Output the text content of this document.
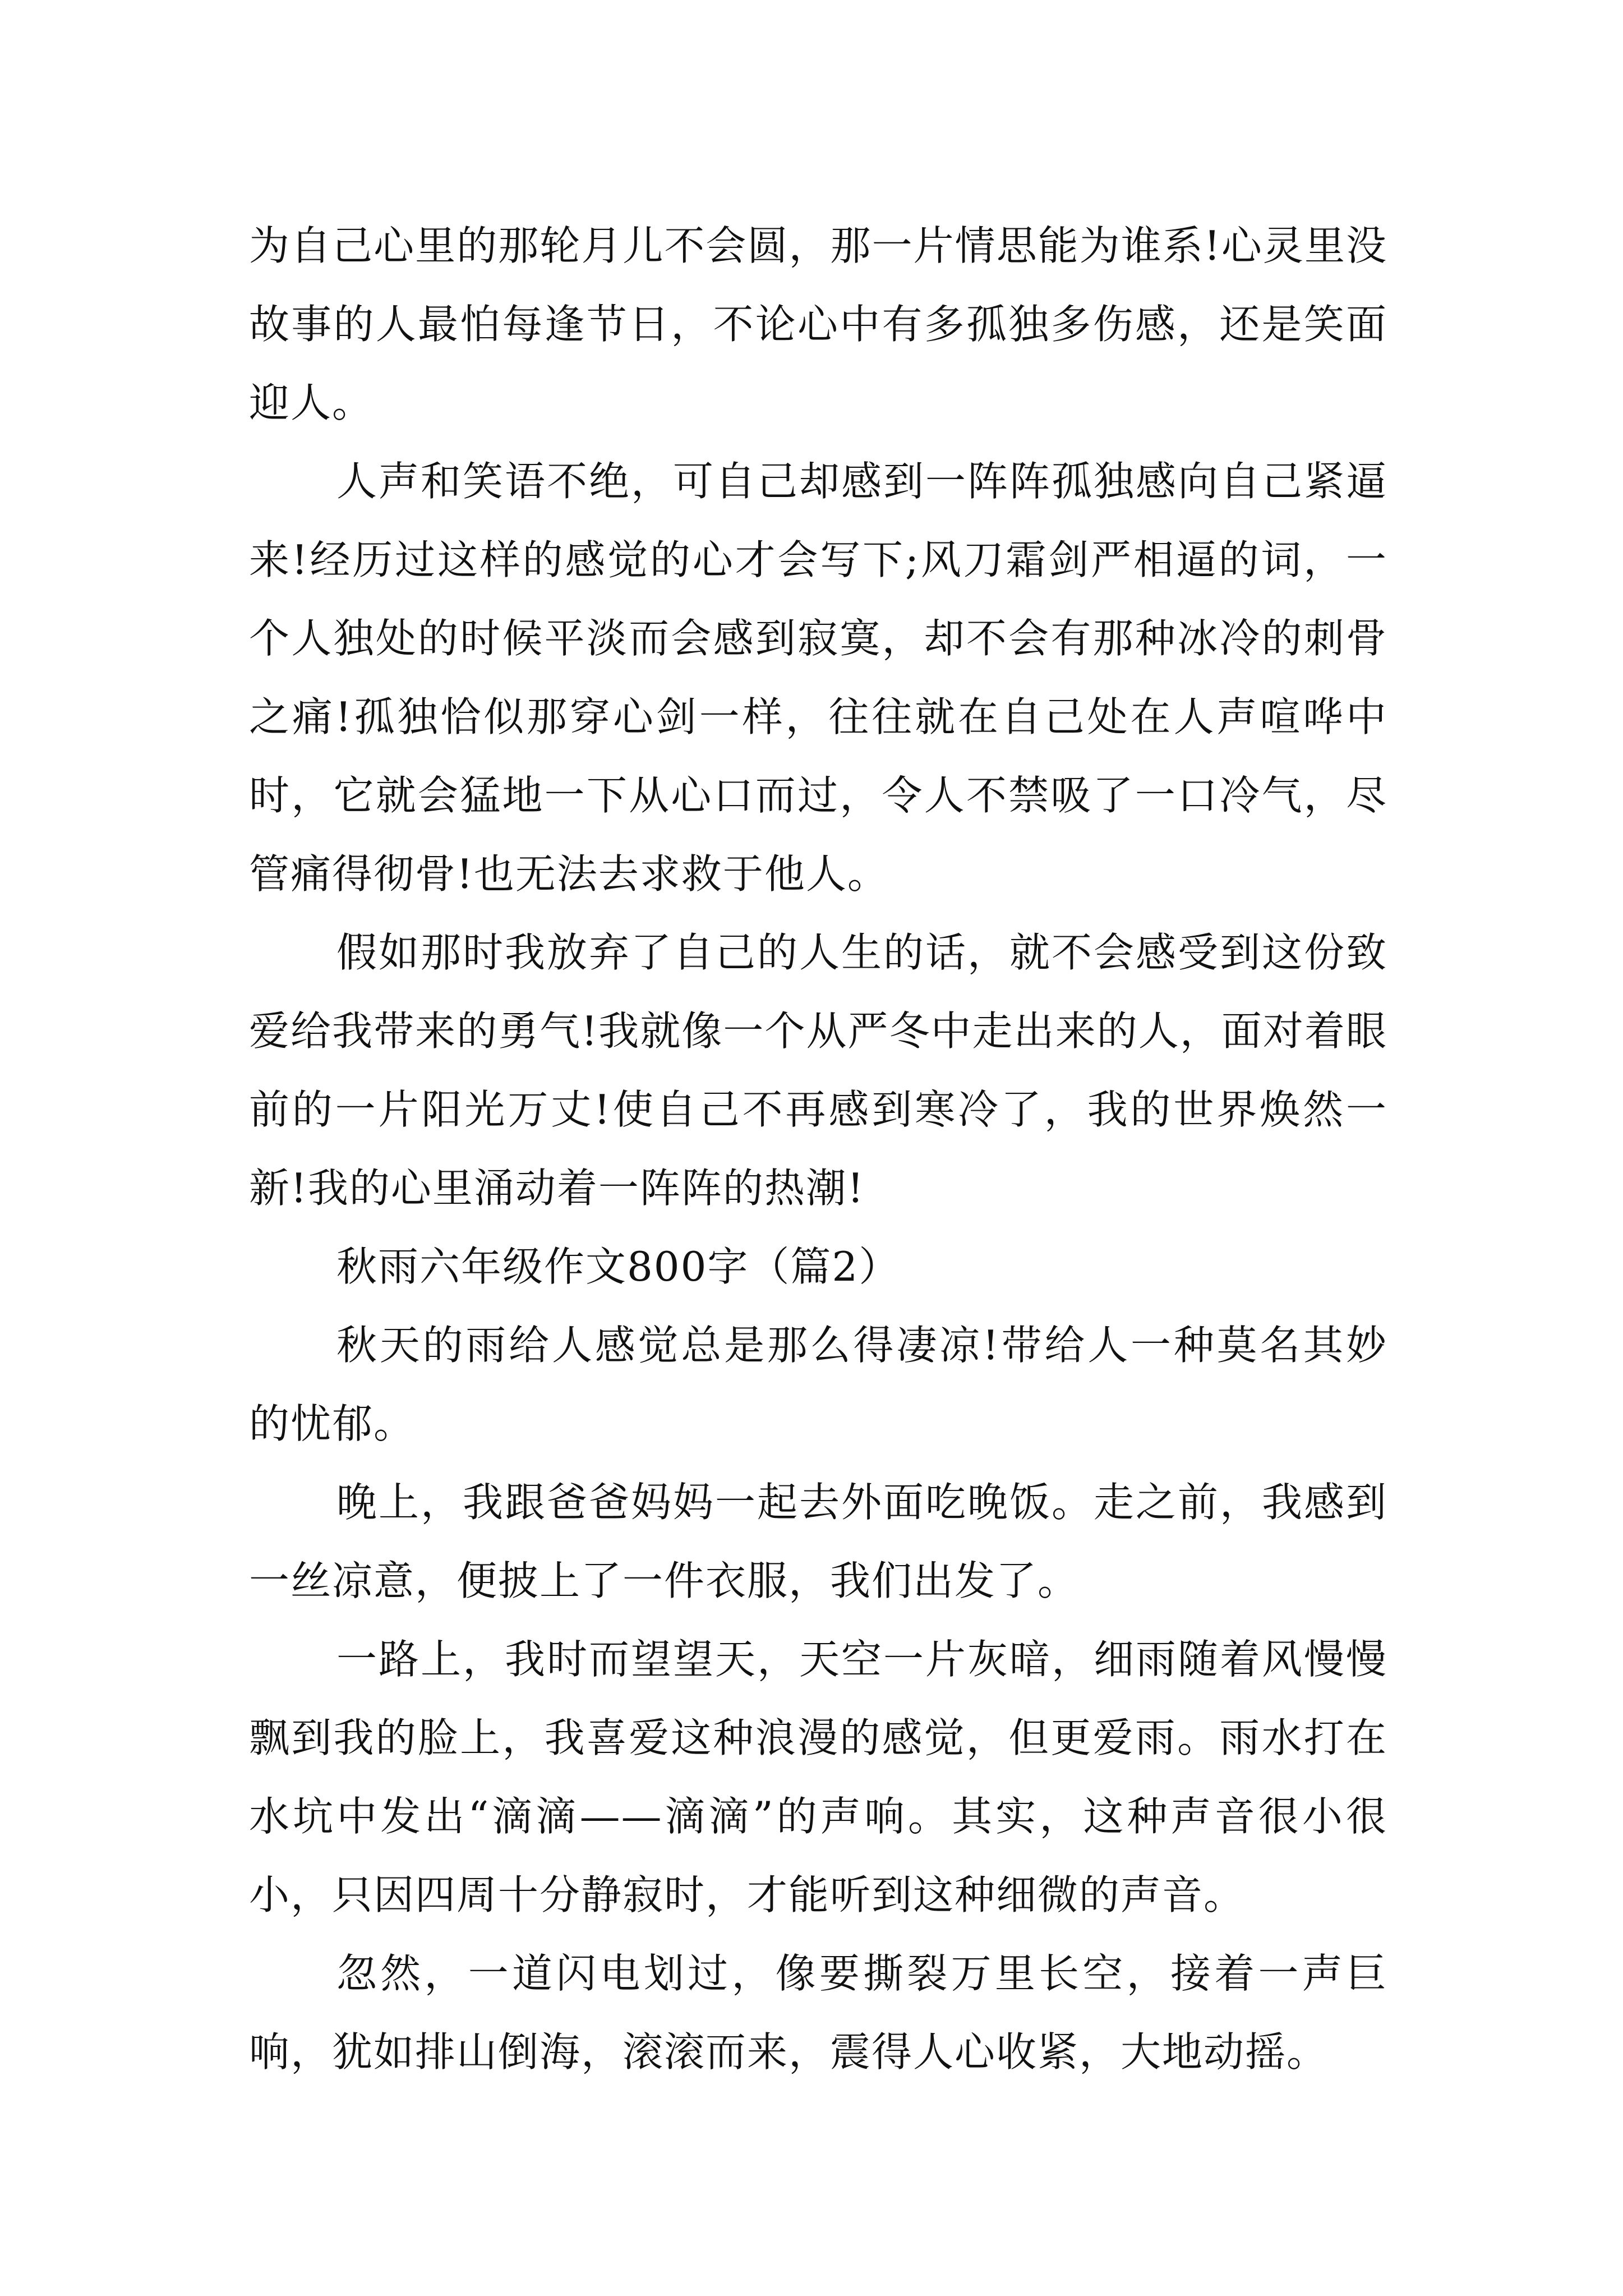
为自己心里的那轮月儿不会圆，那一片情思能为谁系!心灵里没故事的人最怕每逢节日，不论心中有多孤独多伤感，还是笑面迎人。

人声和笑语不绝，可自己却感到一阵阵孤独感向自己紧逼来!经历过这样的感觉的心才会写下;风刀霜剑严相逼的词，一个人独处的时候平淡而会感到寂寞，却不会有那种冰冷的刺骨之痛!孤独恰似那穿心剑一样，往往就在自己处在人声喧哗中时，它就会猛地一下从心口而过，令人不禁吸了一口冷气，尽管痛得彻骨!也无法去求救于他人。

假如那时我放弃了自己的人生的话，就不会感受到这份致爱给我带来的勇气!我就像一个从严冬中走出来的人，面对着眼前的一片阳光万丈!使自己不再感到寒冷了，我的世界焕然一新!我的心里涌动着一阵阵的热潮!

秋雨六年级作文800字（篇2）

秋天的雨给人感觉总是那么得凄凉!带给人一种莫名其妙的忧郁。

晚上，我跟爸爸妈妈一起去外面吃晚饭。走之前，我感到一丝凉意，便披上了一件衣服，我们出发了。

一路上，我时而望望天，天空一片灰暗，细雨随着风慢慢飘到我的脸上，我喜爱这种浪漫的感觉，但更爱雨。雨水打在水坑中发出“滴滴——滴滴”的声响。其实，这种声音很小很小，只因四周十分静寂时，才能听到这种细微的声音。

忽然，一道闪电划过，像要撕裂万里长空，接着一声巨响，犹如排山倒海，滚滚而来，震得人心收紧，大地动摇。
